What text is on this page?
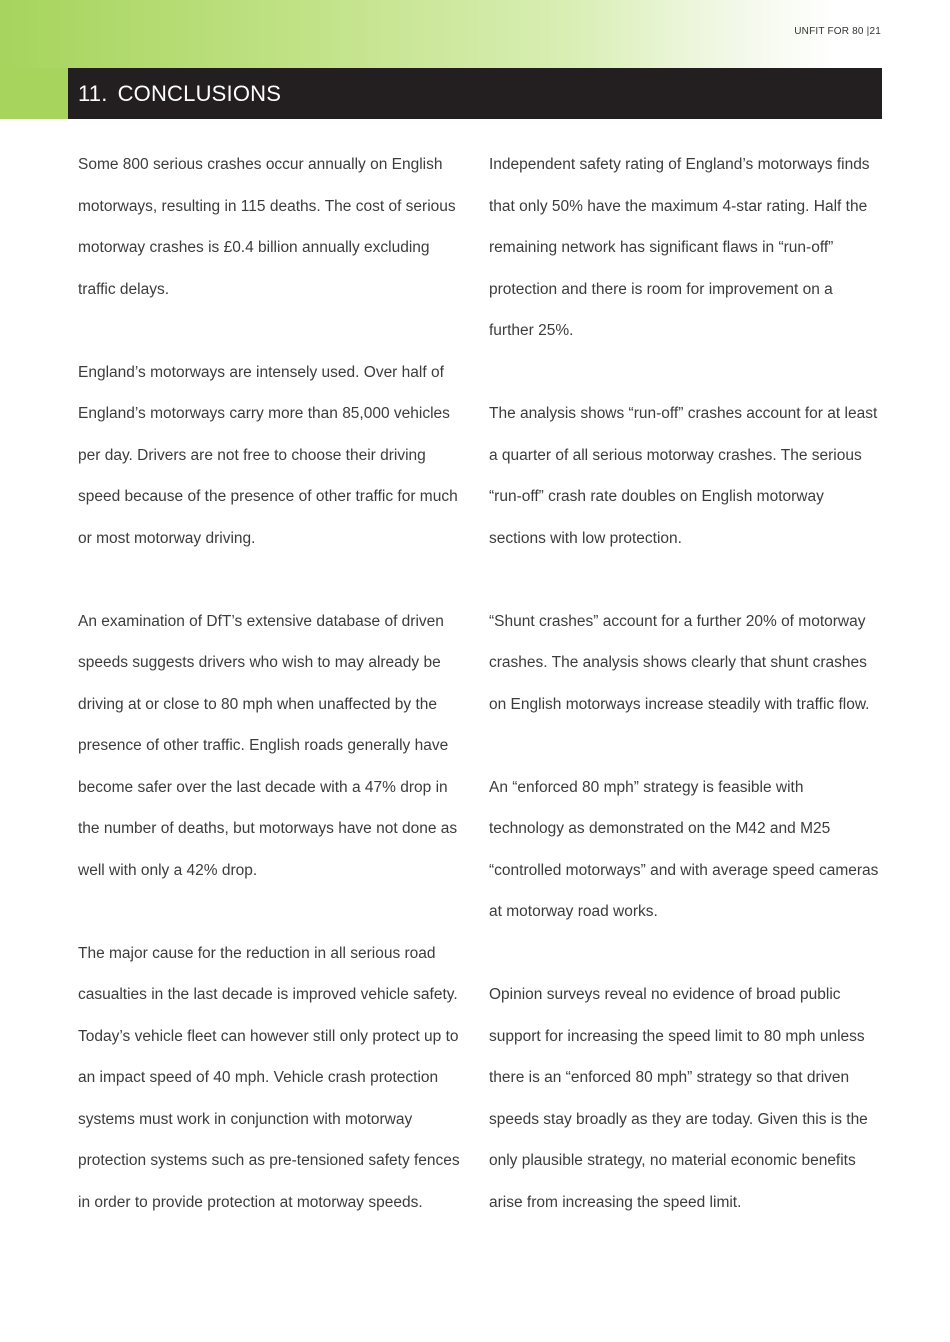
UNFIT FOR 80 |21
11. CONCLUSIONS

Some 800 serious crashes occur annually on English motorways, resulting in 115 deaths. The cost of serious motorway crashes is £0.4 billion annually excluding traffic delays.

England’s motorways are intensely used. Over half of England’s motorways carry more than 85,000 vehicles per day. Drivers are not free to choose their driving speed because of the presence of other traffic for much or most motorway driving.

An examination of DfT’s extensive database of driven speeds suggests drivers who wish to may already be driving at or close to 80 mph when unaffected by the presence of other traffic. English roads generally have become safer over the last decade with a 47% drop in the number of deaths, but motorways have not done as well with only a 42% drop.

The major cause for the reduction in all serious road casualties in the last decade is improved vehicle safety. Today’s vehicle fleet can however still only protect up to an impact speed of 40 mph. Vehicle crash protection systems must work in conjunction with motorway protection systems such as pre-tensioned safety fences in order to provide protection at motorway speeds.

Independent safety rating of England’s motorways finds that only 50% have the maximum 4-star rating. Half the remaining network has significant flaws in “run-off” protection and there is room for improvement on a further 25%.

The analysis shows “run-off” crashes account for at least a quarter of all serious motorway crashes. The serious “run-off” crash rate doubles on English motorway sections with low protection.

“Shunt crashes” account for a further 20% of motorway crashes. The analysis shows clearly that shunt crashes on English motorways increase steadily with traffic flow.

An “enforced 80 mph” strategy is feasible with technology as demonstrated on the M42 and M25 “controlled motorways” and with average speed cameras at motorway road works.

Opinion surveys reveal no evidence of broad public support for increasing the speed limit to 80 mph unless there is an “enforced 80 mph” strategy so that driven speeds stay broadly as they are today. Given this is the only plausible strategy, no material economic benefits arise from increasing the speed limit.
